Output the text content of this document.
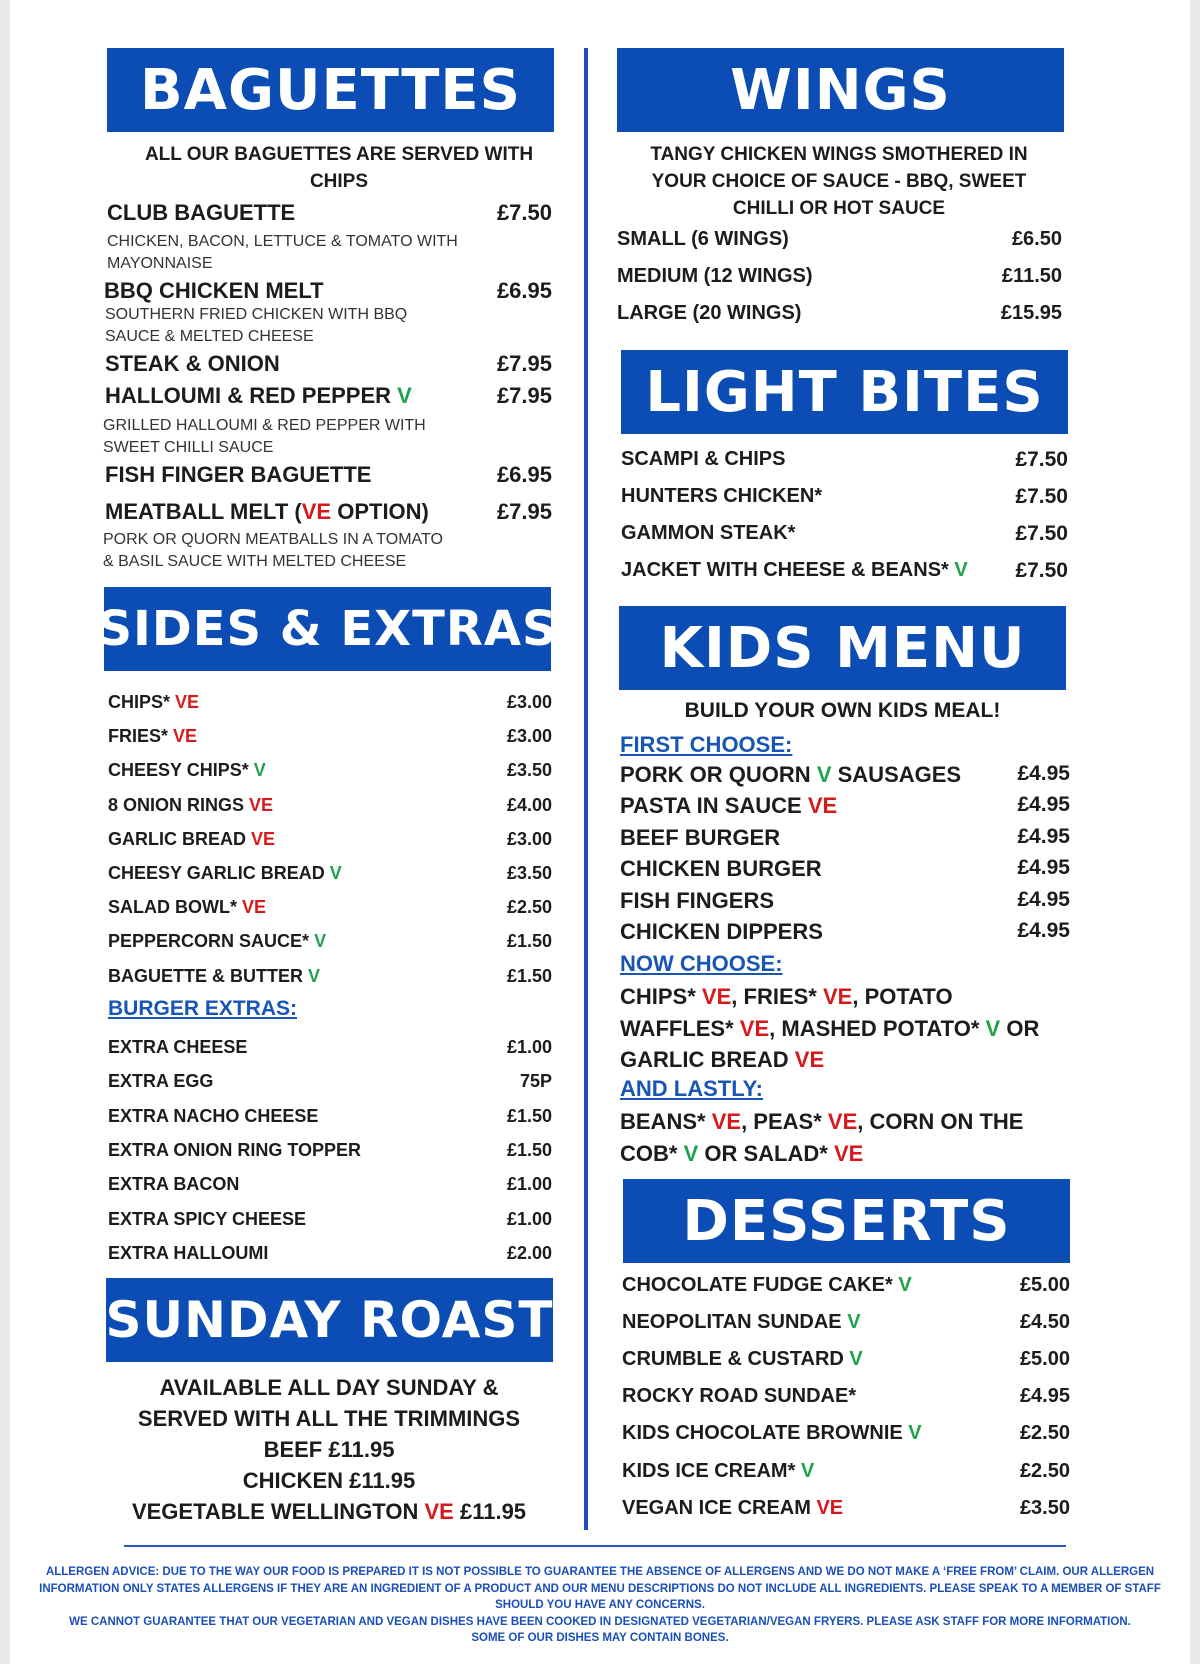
BAGUETTES
ALL OUR BAGUETTES ARE SERVED WITH CHIPS
CLUB BAGUETTE	£7.50
CHICKEN, BACON, LETTUCE & TOMATO WITH MAYONNAISE
BBQ CHICKEN MELT	£6.95
SOUTHERN FRIED CHICKEN WITH BBQ SAUCE & MELTED CHEESE
STEAK & ONION	£7.95
HALLOUMI & RED PEPPER V	£7.95
GRILLED HALLOUMI & RED PEPPER WITH SWEET CHILLI SAUCE
FISH FINGER BAGUETTE	£6.95
MEATBALL MELT (VE OPTION)	£7.95
PORK OR QUORN MEATBALLS IN A TOMATO & BASIL SAUCE WITH MELTED CHEESE
SIDES & EXTRAS
CHIPS* VE	£3.00
FRIES* VE	£3.00
CHEESY CHIPS* V	£3.50
8 ONION RINGS VE	£4.00
GARLIC BREAD VE	£3.00
CHEESY GARLIC BREAD V	£3.50
SALAD BOWL* VE	£2.50
PEPPERCORN SAUCE* V	£1.50
BAGUETTE & BUTTER V	£1.50
BURGER EXTRAS:
EXTRA CHEESE	£1.00
EXTRA EGG	75P
EXTRA NACHO CHEESE	£1.50
EXTRA ONION RING TOPPER	£1.50
EXTRA BACON	£1.00
EXTRA SPICY CHEESE	£1.00
EXTRA HALLOUMI	£2.00
SUNDAY ROAST
AVAILABLE ALL DAY SUNDAY &
SERVED WITH ALL THE TRIMMINGS
BEEF £11.95
CHICKEN £11.95
VEGETABLE WELLINGTON VE £11.95
WINGS
TANGY CHICKEN WINGS SMOTHERED IN YOUR CHOICE OF SAUCE - BBQ, SWEET CHILLI OR HOT SAUCE
SMALL (6 WINGS)	£6.50
MEDIUM (12 WINGS)	£11.50
LARGE (20 WINGS)	£15.95
LIGHT BITES
SCAMPI & CHIPS	£7.50
HUNTERS CHICKEN*	£7.50
GAMMON STEAK*	£7.50
JACKET WITH CHEESE & BEANS* V £7.50
KIDS MENU
BUILD YOUR OWN KIDS MEAL!
FIRST CHOOSE:
PORK OR QUORN V SAUSAGES	£4.95
PASTA IN SAUCE VE	£4.95
BEEF BURGER	£4.95
CHICKEN BURGER	£4.95
FISH FINGERS	£4.95
CHICKEN DIPPERS	£4.95
NOW CHOOSE:
CHIPS* VE, FRIES* VE, POTATO WAFFLES* VE, MASHED POTATO* V OR GARLIC BREAD VE
AND LASTLY:
BEANS* VE, PEAS* VE, CORN ON THE COB* V OR SALAD* VE
DESSERTS
CHOCOLATE FUDGE CAKE* V	£5.00
NEOPOLITAN SUNDAE V	£4.50
CRUMBLE & CUSTARD V	£5.00
ROCKY ROAD SUNDAE*	£4.95
KIDS CHOCOLATE BROWNIE V	£2.50
KIDS ICE CREAM* V	£2.50
VEGAN ICE CREAM VE	£3.50
ALLERGEN ADVICE: DUE TO THE WAY OUR FOOD IS PREPARED IT IS NOT POSSIBLE TO GUARANTEE THE ABSENCE OF ALLERGENS AND WE DO NOT MAKE A ‘FREE FROM’ CLAIM. OUR ALLERGEN INFORMATION ONLY STATES ALLERGENS IF THEY ARE AN INGREDIENT OF A PRODUCT AND OUR MENU DESCRIPTIONS DO NOT INCLUDE ALL INGREDIENTS. PLEASE SPEAK TO A MEMBER OF STAFF SHOULD YOU HAVE ANY CONCERNS.
WE CANNOT GUARANTEE THAT OUR VEGETARIAN AND VEGAN DISHES HAVE BEEN COOKED IN DESIGNATED VEGETARIAN/VEGAN FRYERS. PLEASE ASK STAFF FOR MORE INFORMATION.
SOME OF OUR DISHES MAY CONTAIN BONES.
